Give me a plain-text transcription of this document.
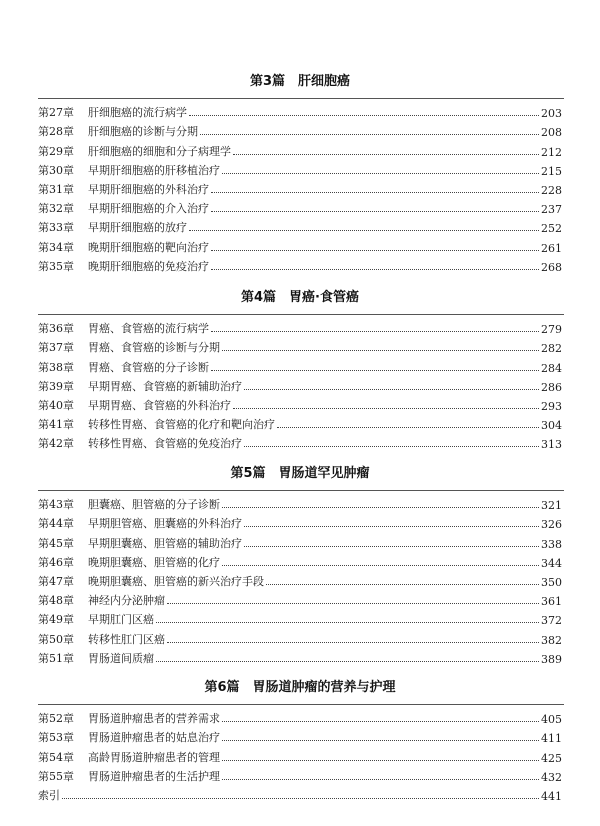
第3篇　肝细胞癌
第27章	肝细胞癌的流行病学	203
第28章	肝细胞癌的诊断与分期	208
第29章	肝细胞癌的细胞和分子病理学	212
第30章	早期肝细胞癌的肝移植治疗	215
第31章	早期肝细胞癌的外科治疗	228
第32章	早期肝细胞癌的介入治疗	237
第33章	早期肝细胞癌的放疗	252
第34章	晚期肝细胞癌的靶向治疗	261
第35章	晚期肝细胞癌的免疫治疗	268
第4篇　胃癌·食管癌
第36章	胃癌、食管癌的流行病学	279
第37章	胃癌、食管癌的诊断与分期	282
第38章	胃癌、食管癌的分子诊断	284
第39章	早期胃癌、食管癌的新辅助治疗	286
第40章	早期胃癌、食管癌的外科治疗	293
第41章	转移性胃癌、食管癌的化疗和靶向治疗	304
第42章	转移性胃癌、食管癌的免疫治疗	313
第5篇　胃肠道罕见肿瘤
第43章	胆囊癌、胆管癌的分子诊断	321
第44章	早期胆管癌、胆囊癌的外科治疗	326
第45章	早期胆囊癌、胆管癌的辅助治疗	338
第46章	晚期胆囊癌、胆管癌的化疗	344
第47章	晚期胆囊癌、胆管癌的新兴治疗手段	350
第48章	神经内分泌肿瘤	361
第49章	早期肛门区癌	372
第50章	转移性肛门区癌	382
第51章	胃肠道间质瘤	389
第6篇　胃肠道肿瘤的营养与护理
第52章	胃肠道肿瘤患者的营养需求	405
第53章	胃肠道肿瘤患者的姑息治疗	411
第54章	高龄胃肠道肿瘤患者的管理	425
第55章	胃肠道肿瘤患者的生活护理	432
索引	441
